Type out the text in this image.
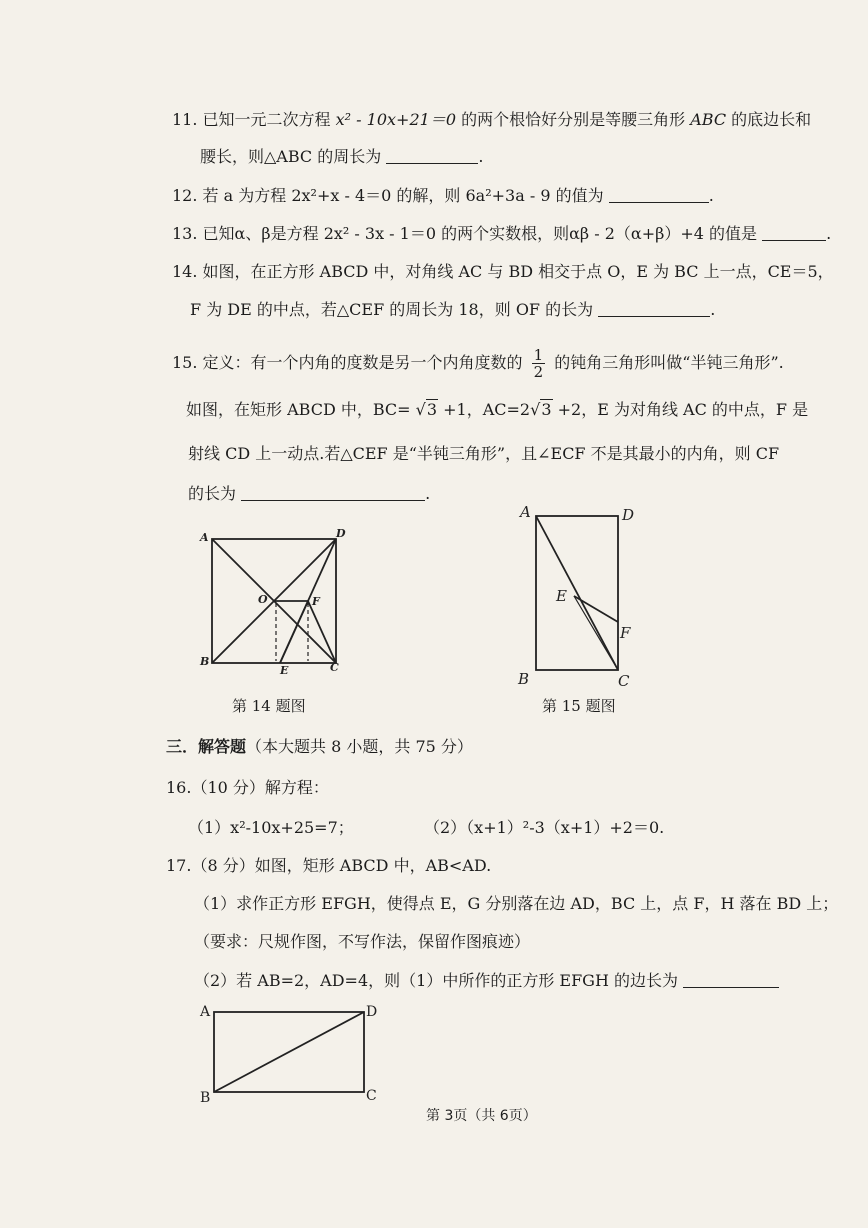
11. 已知一元二次方程 x² - 10x+21＝0 的两个根恰好分别是等腰三角形 ABC 的底边长和
腰长，则△ABC 的周长为	.
12. 若 a 为方程 2x²+x - 4＝0 的解，则 6a²+3a - 9 的值为	.
13. 已知α、β是方程 2x² - 3x - 1＝0 的两个实数根，则αβ - 2（α+β）+4 的值是	.
14. 如图，在正方形 ABCD 中，对角线 AC 与 BD 相交于点 O，E 为 BC 上一点，CE＝5，
F 为 DE 的中点，若△CEF 的周长为 18，则 OF 的长为	.
15. 定义：有一个内角的度数是另一个内角度数的 $\frac{1}{2}$ 的钝角三角形叫做“半钝三角形”.
如图，在矩形 ABCD 中，BC= √3 +1，AC=2√3 +2，E 为对角线 AC 的中点，F 是
射线 CD 上一动点.若△CEF 是“半钝三角形”，且∠ECF 不是其最小的内角，则 CF
的长为	.
A	D
B	C
O	F
E
第 14 题图
A	D
E
F
B	C
第 15 题图
三．解答题（本大题共 8 小题，共 75 分）
16.（10 分）解方程：
（1）x²-10x+25=7；	（2）（x+1）²-3（x+1）+2＝0.
17.（8 分）如图，矩形 ABCD 中，AB<AD.
（1）求作正方形 EFGH，使得点 E，G 分别落在边 AD，BC 上，点 F，H 落在 BD 上；
（要求：尺规作图，不写作法，保留作图痕迹）
（2）若 AB=2，AD=4，则（1）中所作的正方形 EFGH 的边长为
A	D
B	C
第 3页（共 6页）
